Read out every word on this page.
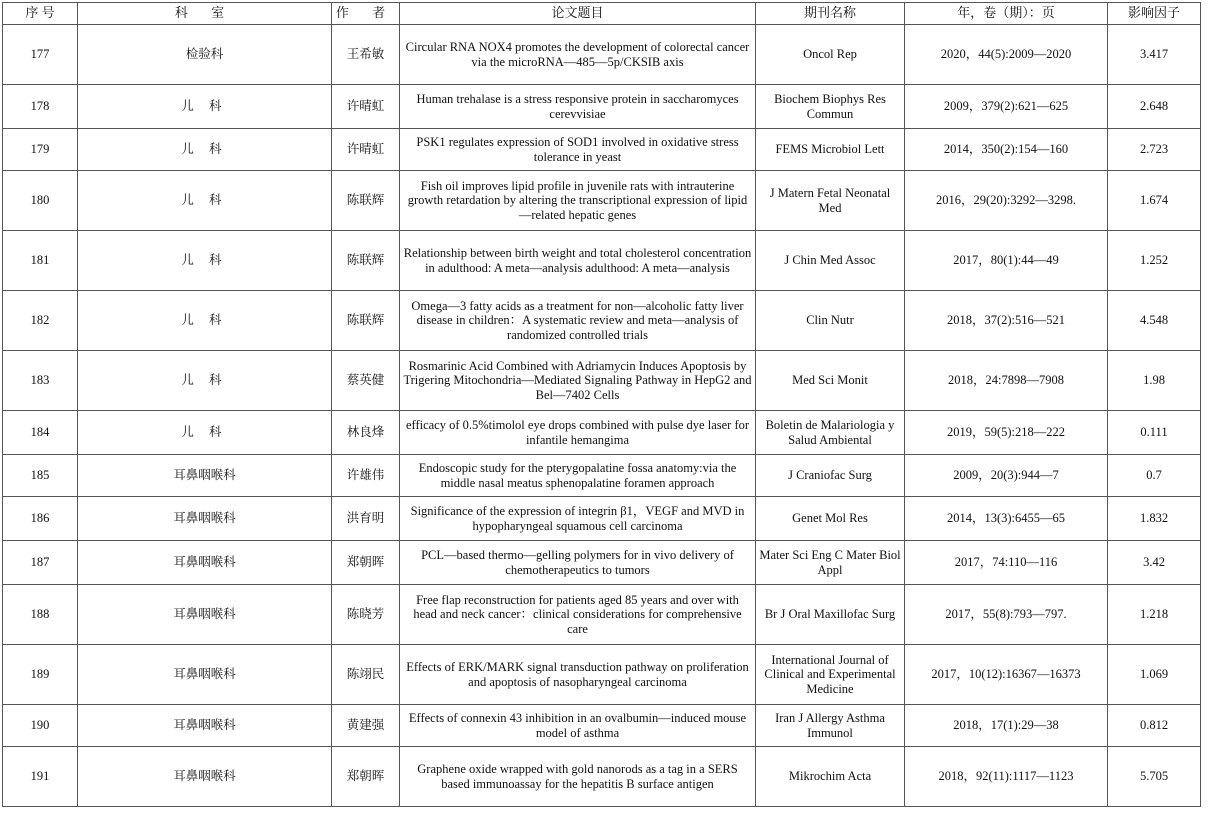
序 号	科 室	作 者	论文题目	期刊名称	年，卷（期）：页	影响因子
177	检验科	王希敏	Circular RNA NOX4 promotes the development of colorectal cancer via the microRNA—485—5p/CKSIB axis	Oncol Rep	2020，44(5):2009—2020	3.417
178	儿 科	许晴虹	Human trehalase is a stress responsive protein in saccharomyces cerevvisiae	Biochem Biophys Res Commun	2009，379(2):621—625	2.648
179	儿 科	许晴虹	PSK1 regulates expression of SOD1 involved in oxidative stress tolerance in yeast	FEMS Microbiol Lett	2014，350(2):154—160	2.723
180	儿 科	陈联辉	Fish oil improves lipid profile in juvenile rats with intrauterine growth retardation by altering the transcriptional expression of lipid—related hepatic genes	J Matern Fetal Neonatal Med	2016，29(20):3292—3298.	1.674
181	儿 科	陈联辉	Relationship between birth weight and total cholesterol concentration in adulthood: A meta—analysis adulthood: A meta—analysis	J Chin Med Assoc	2017，80(1):44—49	1.252
182	儿 科	陈联辉	Omega—3 fatty acids as a treatment for non—alcoholic fatty liver disease in children：A systematic review and meta—analysis of randomized controlled trials	Clin Nutr	2018，37(2):516—521	4.548
183	儿 科	蔡英健	Rosmarinic Acid Combined with Adriamycin Induces Apoptosis by Trigering Mitochondria—Mediated Signaling Pathway in HepG2 and Bel—7402 Cells	Med Sci Monit	2018，24:7898—7908	1.98
184	儿 科	林良烽	efficacy of 0.5%timolol eye drops combined with pulse dye laser for infantile hemangima	Boletin de Malariologia y Salud Ambiental	2019，59(5):218—222	0.111
185	耳鼻咽喉科	许雄伟	Endoscopic study for the pterygopalatine fossa anatomy:via the middle nasal meatus sphenopalatine foramen approach	J Craniofac Surg	2009，20(3):944—7	0.7
186	耳鼻咽喉科	洪育明	Significance of the expression of integrin β1，VEGF and MVD in hypopharyngeal squamous cell carcinoma	Genet Mol Res	2014，13(3):6455—65	1.832
187	耳鼻咽喉科	郑朝晖	PCL—based thermo—gelling polymers for in vivo delivery of chemotherapeutics to tumors	Mater Sci Eng C Mater Biol Appl	2017，74:110—116	3.42
188	耳鼻咽喉科	陈晓芳	Free flap reconstruction for patients aged 85 years and over with head and neck cancer：clinical considerations for comprehensive care	Br J Oral Maxillofac Surg	2017，55(8):793—797.	1.218
189	耳鼻咽喉科	陈翊民	Effects of ERK/MARK signal transduction pathway on proliferation and apoptosis of nasopharyngeal carcinoma	International Journal of Clinical and Experimental Medicine	2017，10(12):16367—16373	1.069
190	耳鼻咽喉科	黄建强	Effects of connexin 43 inhibition in an ovalbumin—induced mouse model of asthma	Iran J Allergy Asthma Immunol	2018，17(1):29—38	0.812
191	耳鼻咽喉科	郑朝晖	Graphene oxide wrapped with gold nanorods as a tag in a SERS based immunoassay for the hepatitis B surface antigen	Mikrochim Acta	2018，92(11):1117—1123	5.705
